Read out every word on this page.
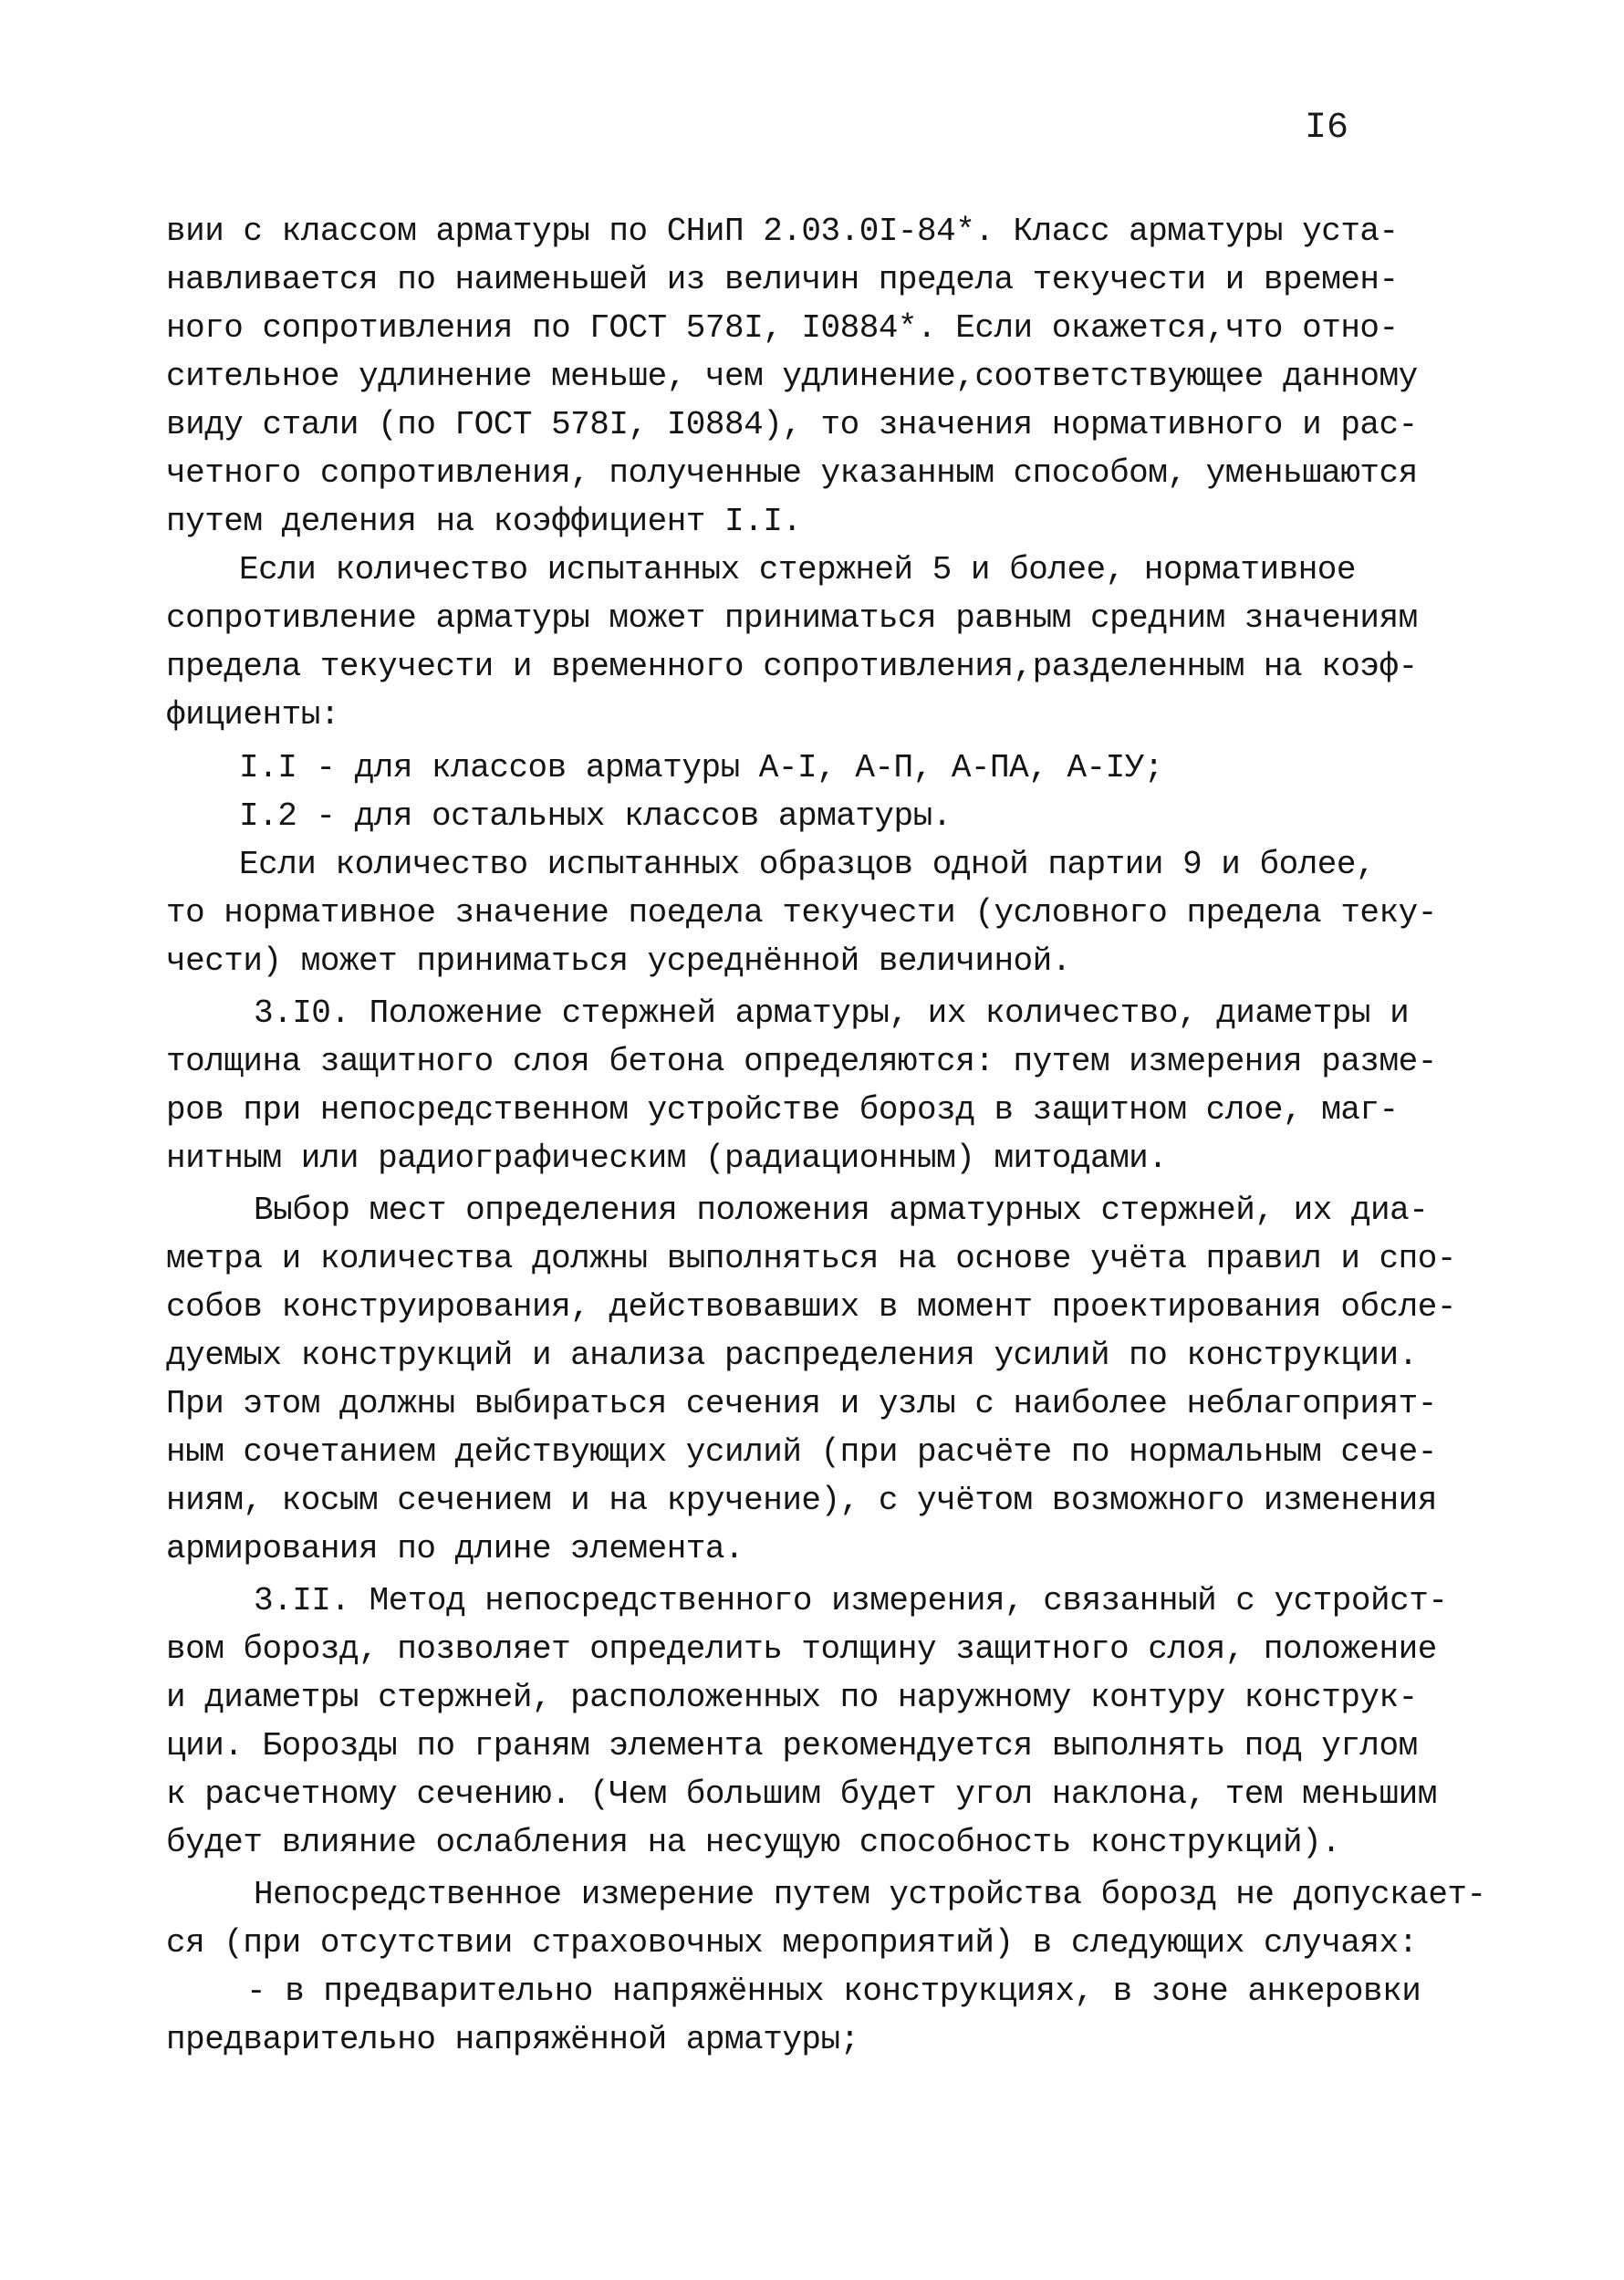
I6
вии с классом арматуры по СНиП 2.03.0I-84*. Класс арматуры уста-
навливается по наименьшей из величин предела текучести и времен-
ного сопротивления по ГОСТ 578I, I0884*. Если окажется,что отно-
сительное удлинение меньше, чем удлинение,соответствующее данному
виду стали (по ГОСТ 578I, I0884), то значения нормативного и рас-
четного сопротивления, полученные указанным способом, уменьшаются
путем деления на коэффициент I.I.
Если количество испытанных стержней 5 и более, нормативное
сопротивление арматуры может приниматься равным средним значениям
предела текучести и временного сопротивления,разделенным на коэф-
фициенты:
I.I - для классов арматуры А-I, А-П, А-ПА, А-IУ;
I.2 - для остальных классов арматуры.
Если количество испытанных образцов одной партии 9 и более,
то нормативное значение поедела текучести (условного предела теку-
чести) может приниматься усреднённой величиной.
3.I0. Положение стержней арматуры, их количество, диаметры и
толщина защитного слоя бетона определяются: путем измерения разме-
ров при непосредственном устройстве борозд в защитном слое, маг-
нитным или радиографическим (радиационным) митодами.
Выбор мест определения положения арматурных стержней, их диа-
метра и количества должны выполняться на основе учёта правил и спо-
собов конструирования, действовавших в момент проектирования обсле-
дуемых конструкций и анализа распределения усилий по конструкции.
При этом должны выбираться сечения и узлы с наиболее неблагоприят-
ным сочетанием действующих усилий (при расчёте по нормальным сече-
ниям, косым сечением и на кручение), с учётом возможного изменения
армирования по длине элемента.
3.II. Метод непосредственного измерения, связанный с устройст-
вом борозд, позволяет определить толщину защитного слоя, положение
и диаметры стержней, расположенных по наружному контуру конструк-
ции. Борозды по граням элемента рекомендуется выполнять под углом
к расчетному сечению. (Чем большим будет угол наклона, тем меньшим
будет влияние ослабления на несущую способность конструкций).
Непосредственное измерение путем устройства борозд не допускает-
ся (при отсутствии страховочных мероприятий) в следующих случаях:
- в предварительно напряжённых конструкциях, в зоне анкеровки
предварительно напряжённой арматуры;
